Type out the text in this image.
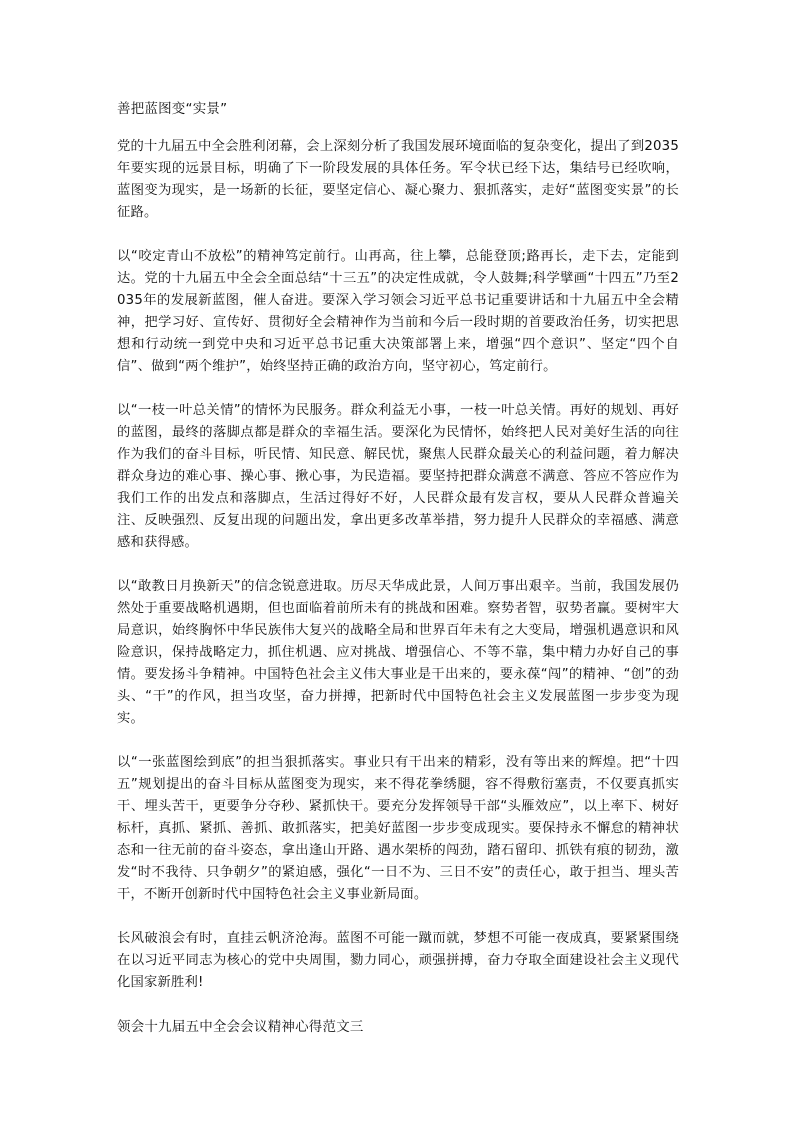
善把蓝图变“实景”

党的十九届五中全会胜利闭幕，会上深刻分析了我国发展环境面临的复杂变化，提出了到2035年要实现的远景目标，明确了下一阶段发展的具体任务。军令状已经下达，集结号已经吹响，蓝图变为现实，是一场新的长征，要坚定信心、凝心聚力、狠抓落实，走好“蓝图变实景”的长征路。

以“咬定青山不放松”的精神笃定前行。山再高，往上攀，总能登顶;路再长，走下去，定能到达。党的十九届五中全会全面总结“十三五”的决定性成就，令人鼓舞;科学擘画“十四五”乃至2035年的发展新蓝图，催人奋进。要深入学习领会习近平总书记重要讲话和十九届五中全会精神，把学习好、宣传好、贯彻好全会精神作为当前和今后一段时期的首要政治任务，切实把思想和行动统一到党中央和习近平总书记重大决策部署上来，增强“四个意识”、坚定“四个自信”、做到“两个维护”，始终坚持正确的政治方向，坚守初心，笃定前行。

以“一枝一叶总关情”的情怀为民服务。群众利益无小事，一枝一叶总关情。再好的规划、再好的蓝图，最终的落脚点都是群众的幸福生活。要深化为民情怀，始终把人民对美好生活的向往作为我们的奋斗目标，听民情、知民意、解民忧，聚焦人民群众最关心的利益问题，着力解决群众身边的难心事、操心事、揪心事，为民造福。要坚持把群众满意不满意、答应不答应作为我们工作的出发点和落脚点，生活过得好不好，人民群众最有发言权，要从人民群众普遍关注、反映强烈、反复出现的问题出发，拿出更多改革举措，努力提升人民群众的幸福感、满意感和获得感。

以“敢教日月换新天”的信念锐意进取。历尽天华成此景，人间万事出艰辛。当前，我国发展仍然处于重要战略机遇期，但也面临着前所未有的挑战和困难。察势者智，驭势者赢。要树牢大局意识，始终胸怀中华民族伟大复兴的战略全局和世界百年未有之大变局，增强机遇意识和风险意识，保持战略定力，抓住机遇、应对挑战、增强信心、不等不靠，集中精力办好自己的事情。要发扬斗争精神。中国特色社会主义伟大事业是干出来的，要永葆“闯”的精神、“创”的劲头、“干”的作风，担当攻坚，奋力拼搏，把新时代中国特色社会主义发展蓝图一步步变为现实。

以“一张蓝图绘到底”的担当狠抓落实。事业只有干出来的精彩，没有等出来的辉煌。把“十四五”规划提出的奋斗目标从蓝图变为现实，来不得花拳绣腿，容不得敷衍塞责，不仅要真抓实干、埋头苦干，更要争分夺秒、紧抓快干。要充分发挥领导干部“头雁效应”，以上率下、树好标杆，真抓、紧抓、善抓、敢抓落实，把美好蓝图一步步变成现实。要保持永不懈怠的精神状态和一往无前的奋斗姿态，拿出逢山开路、遇水架桥的闯劲，踏石留印、抓铁有痕的韧劲，激发“时不我待、只争朝夕”的紧迫感，强化“一日不为、三日不安”的责任心，敢于担当、埋头苦干，不断开创新时代中国特色社会主义事业新局面。

长风破浪会有时，直挂云帆济沧海。蓝图不可能一蹴而就，梦想不可能一夜成真，要紧紧围绕在以习近平同志为核心的党中央周围，勠力同心，顽强拼搏，奋力夺取全面建设社会主义现代化国家新胜利!

领会十九届五中全会会议精神心得范文三
